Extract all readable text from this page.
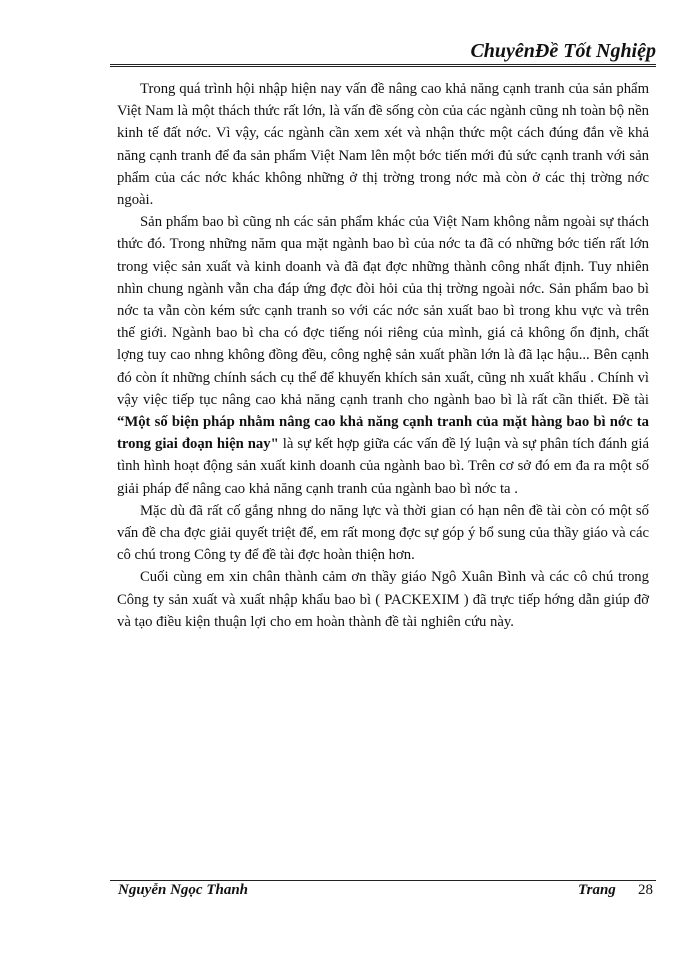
ChuyênĐề Tốt Nghiệp

Trong quá trình hội nhập hiện nay vấn đề nâng cao khả năng cạnh tranh của sản phẩm Việt Nam là một thách thức rất lớn, là vấn đề sống còn của các ngành cũng nh toàn bộ nền kinh tế đất nớc. Vì vậy, các ngành cần xem xét và nhận thức một cách đúng đắn về khả năng cạnh tranh để đa sản phẩm Việt Nam lên một bớc tiến mới đủ sức cạnh tranh với sản phẩm của các nớc khác không những ở thị trờng trong nớc mà còn ở các thị trờng nớc ngoài.

Sản phẩm bao bì cũng nh các sản phẩm khác của Việt Nam không nằm ngoài sự thách thức đó. Trong những năm qua mặt ngành bao bì của nớc ta đã có những bớc tiến rất lớn trong việc sản xuất và kinh doanh và đã đạt đợc những thành công nhất định. Tuy nhiên nhìn chung ngành vẫn cha đáp ứng đợc đòi hỏi của thị trờng ngoài nớc. Sản phẩm bao bì nớc ta vẫn còn kém sức cạnh tranh so với các nớc sản xuất bao bì trong khu vực và trên thế giới. Ngành bao bì cha có đợc tiếng nói riêng của mình, giá cả không ổn định, chất lợng tuy cao nhng không đồng đều, công nghệ sản xuất phần lớn là đã lạc hậu... Bên cạnh đó còn ít những chính sách cụ thể để khuyến khích sản xuất, cũng nh xuất khẩu . Chính vì vậy việc tiếp tục nâng cao khả năng cạnh tranh cho ngành bao bì là rất cần thiết. Đề tài “Một số biện pháp nhằm nâng cao khả năng cạnh tranh của mặt hàng bao bì nớc ta trong giai đoạn hiện nay" là sự kết hợp giữa các vấn đề lý luận và sự phân tích đánh giá tình hình hoạt động sản xuất kinh doanh của ngành bao bì. Trên cơ sở đó em đa ra một số giải pháp để nâng cao khả năng cạnh tranh của ngành bao bì nớc ta .

Mặc dù đã rất cố gắng nhng do năng lực và thời gian có hạn nên đề tài còn có một số vấn đề cha đợc giải quyết triệt để, em rất mong đợc sự góp ý bổ sung của thầy giáo và các cô chú trong Công ty để đề tài đợc hoàn thiện hơn.

Cuối cùng em xin chân thành cảm ơn thầy giáo Ngô Xuân Bình và các cô chú trong Công ty sản xuất và xuất nhập khẩu bao bì ( PACKEXIM ) đã trực tiếp hớng dẫn giúp đỡ và tạo điều kiện thuận lợi cho em hoàn thành đề tài nghiên cứu này.

Nguyễn Ngọc Thanh	Trang 28
